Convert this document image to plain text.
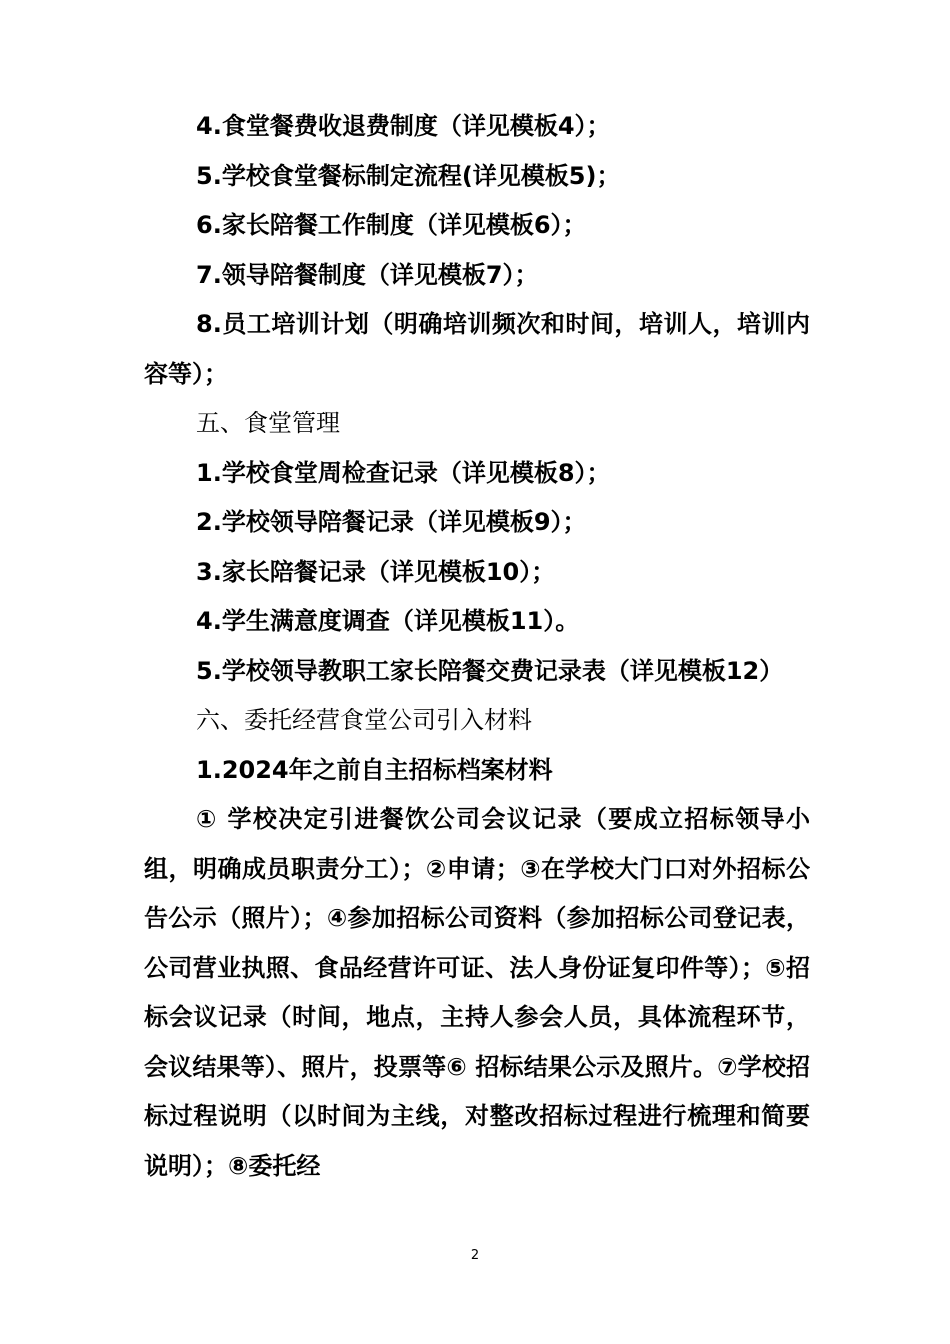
4.食堂餐费收退费制度（详见模板4）；

5.学校食堂餐标制定流程(详见模板5)；

6.家长陪餐工作制度（详见模板6）；

7.领导陪餐制度（详见模板7）；

8.员工培训计划（明确培训频次和时间，培训人，培训内容等）；

五、食堂管理

1.学校食堂周检查记录（详见模板8）；

2.学校领导陪餐记录（详见模板9）；

3.家长陪餐记录（详见模板10）；

4.学生满意度调查（详见模板11）。

5.学校领导教职工家长陪餐交费记录表（详见模板12）

六、委托经营食堂公司引入材料

1.2024年之前自主招标档案材料

① 学校决定引进餐饮公司会议记录（要成立招标领导小组，明确成员职责分工）；②申请；③在学校大门口对外招标公告公示（照片）；④参加招标公司资料（参加招标公司登记表，公司营业执照、食品经营许可证、法人身份证复印件等）；⑤招标会议记录（时间，地点，主持人参会人员，具体流程环节，会议结果等）、照片，投票等⑥ 招标结果公示及照片。⑦学校招标过程说明（以时间为主线，对整改招标过程进行梳理和简要说明）；⑧委托经

2
